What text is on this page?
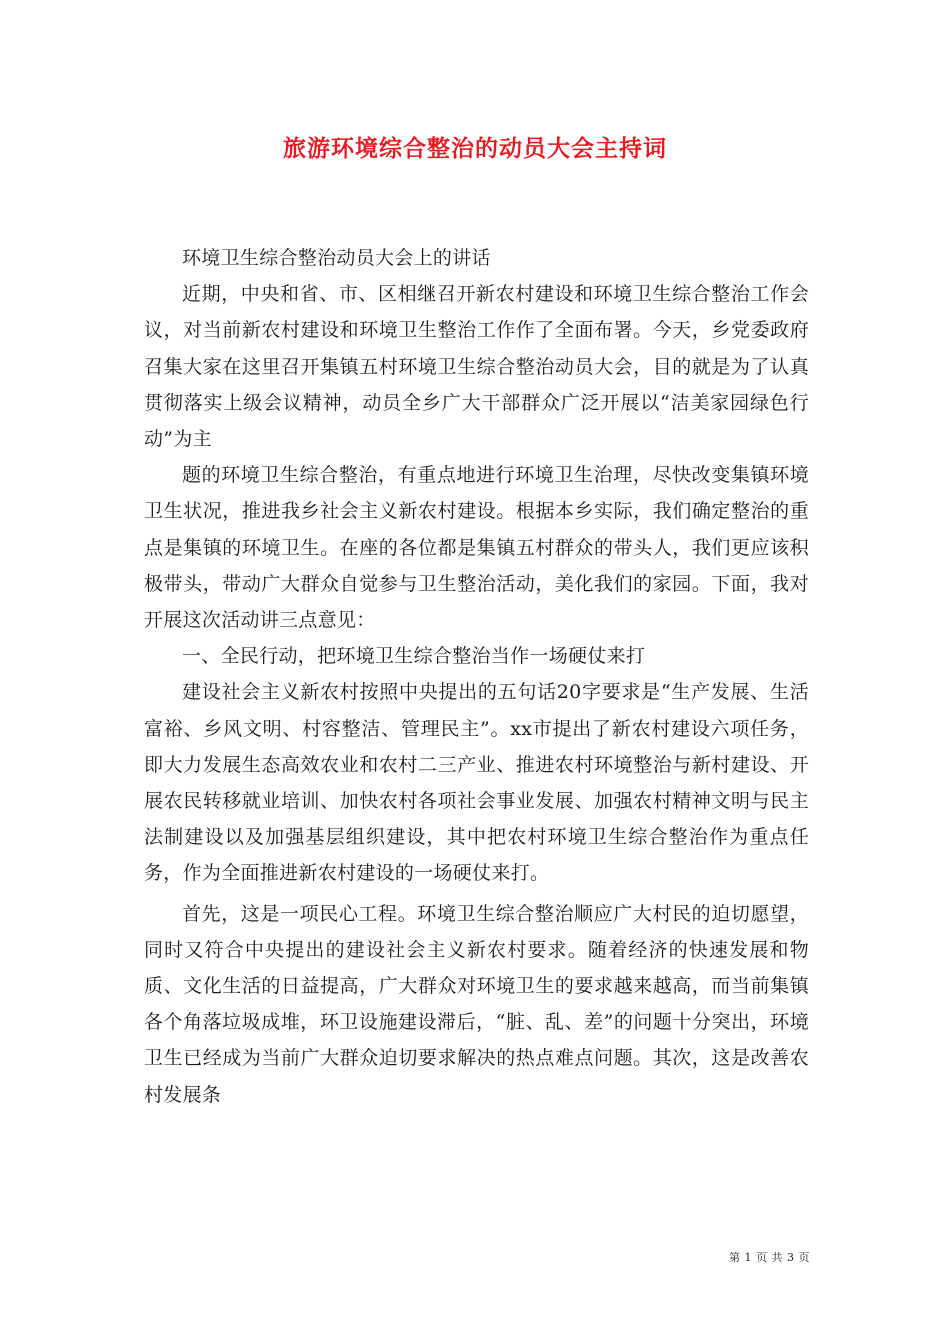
旅游环境综合整治的动员大会主持词

环境卫生综合整治动员大会上的讲话

近期，中央和省、市、区相继召开新农村建设和环境卫生综合整治工作会议，对当前新农村建设和环境卫生整治工作作了全面布署。今天，乡党委政府召集大家在这里召开集镇五村环境卫生综合整治动员大会，目的就是为了认真贯彻落实上级会议精神，动员全乡广大干部群众广泛开展以“洁美家园绿色行动”为主

题的环境卫生综合整治，有重点地进行环境卫生治理，尽快改变集镇环境卫生状况，推进我乡社会主义新农村建设。根据本乡实际，我们确定整治的重点是集镇的环境卫生。在座的各位都是集镇五村群众的带头人，我们更应该积极带头，带动广大群众自觉参与卫生整治活动，美化我们的家园。下面，我对开展这次活动讲三点意见：

一、全民行动，把环境卫生综合整治当作一场硬仗来打

建设社会主义新农村按照中央提出的五句话20字要求是“生产发展、生活富裕、乡风文明、村容整洁、管理民主”。xx市提出了新农村建设六项任务，即大力发展生态高效农业和农村二三产业、推进农村环境整治与新村建设、开展农民转移就业培训、加快农村各项社会事业发展、加强农村精神文明与民主法制建设以及加强基层组织建设，其中把农村环境卫生综合整治作为重点任务，作为全面推进新农村建设的一场硬仗来打。

首先，这是一项民心工程。环境卫生综合整治顺应广大村民的迫切愿望，同时又符合中央提出的建设社会主义新农村要求。随着经济的快速发展和物质、文化生活的日益提高，广大群众对环境卫生的要求越来越高，而当前集镇各个角落垃圾成堆，环卫设施建设滞后，“脏、乱、差”的问题十分突出，环境卫生已经成为当前广大群众迫切要求解决的热点难点问题。其次，这是改善农村发展条

第 1 页 共 3 页
